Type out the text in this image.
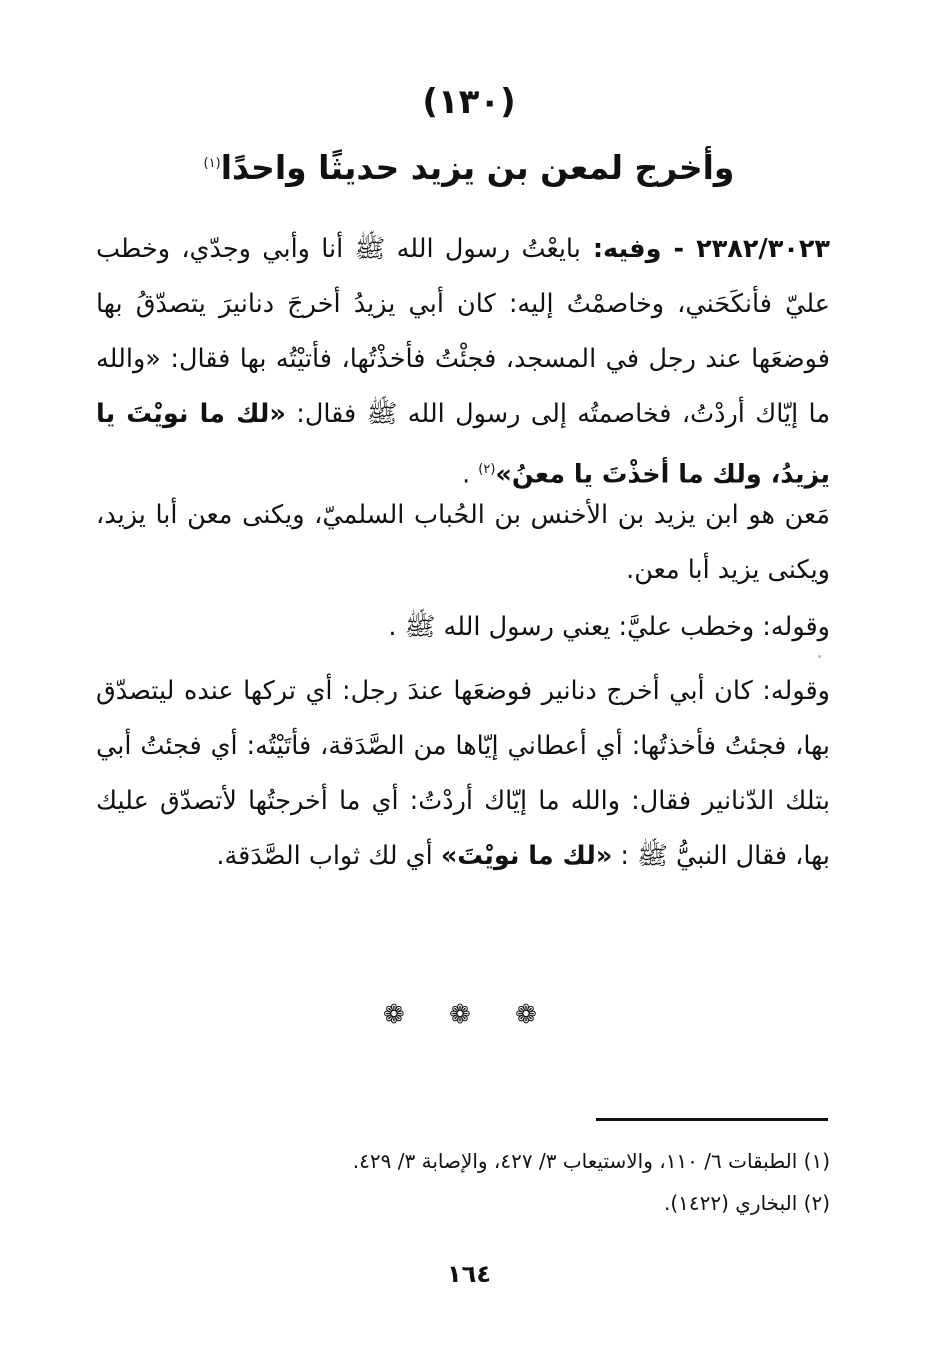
(١٣٠)
وأخرج لمعن بن يزيد حديثًا واحدًا$^{(١)}$
٢٣٨٢/٣٠٢٣ - وفيه: بايعْتُ رسول الله ﷺ أنا وأبي وجدّي، وخطب عليّ فأنكَحَني، وخاصمْتُ إليه: كان أبي يزيدُ أخرجَ دنانيرَ يتصدّقُ بها فوضعَها عند رجل في المسجد، فجئْتُ فأخذْتُها، فأتيْتُه بها فقال: «والله ما إيّاك أردْتُ، فخاصمتُه إلى رسول الله ﷺ فقال: «لك ما نويْتَ يا يزيدُ، ولك ما أخذْتَ يا معنُ»$^{(٢)}$ .
مَعن هو ابن يزيد بن الأخنس بن الحُباب السلميّ، ويكنى معن أبا يزيد، ويكنى يزيد أبا معن.
وقوله: وخطب عليَّ: يعني رسول الله ﷺ .
وقوله: كان أبي أخرج دنانير فوضعَها عندَ رجل: أي تركها عنده ليتصدّق بها، فجئتُ فأخذتُها: أي أعطاني إيّاها من الصَّدَقة، فأتَيْتُه: أي فجئتُ أبي بتلك الدّنانير فقال: والله ما إيّاك أردْتُ: أي ما أخرجتُها لأتصدّق عليك بها، فقال النبيُّ ﷺ : «لك ما نويْتَ» أي لك ثواب الصَّدَقة.
❁ ❁ ❁
(١) الطبقات ٦/ ١١٠، والاستيعاب ٣/ ٤٢٧، والإصابة ٣/ ٤٢٩.
(٢) البخاري (١٤٢٢).
١٦٤
